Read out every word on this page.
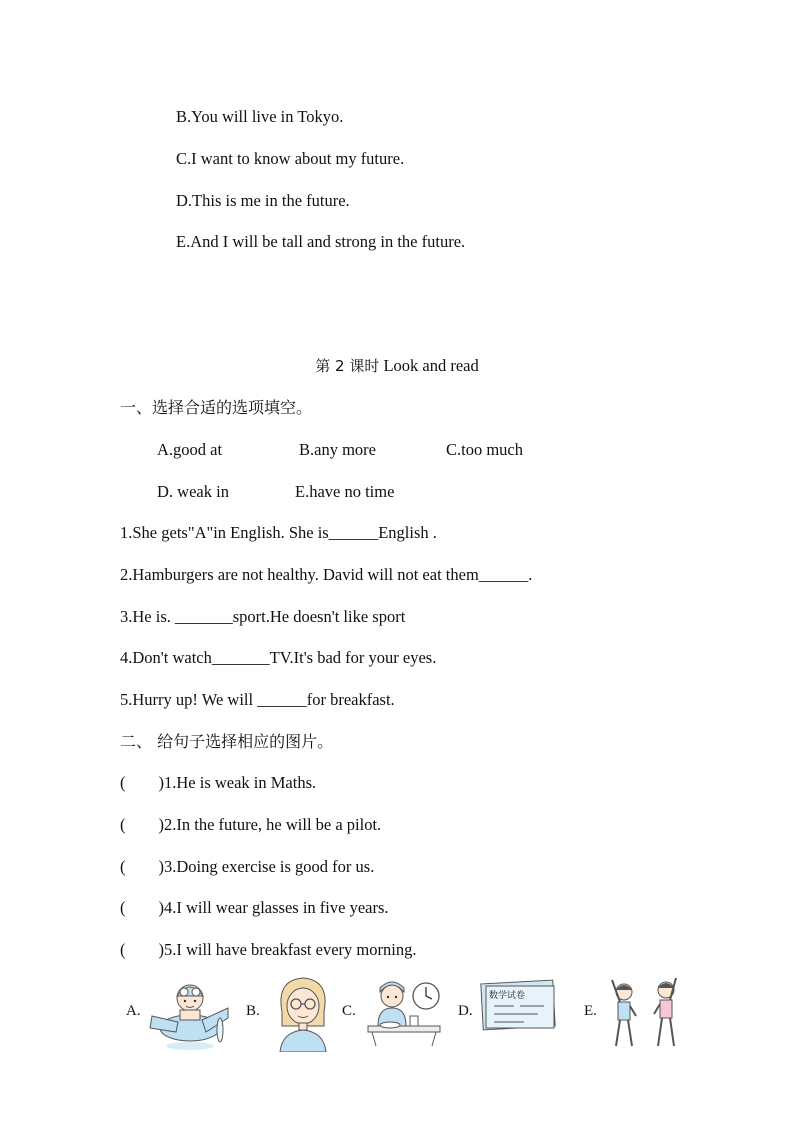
B.You will live in Tokyo.
C.I want to know about my future.
D.This is me in the future.
E.And I will be tall and strong in the future.
第 2 课时 Look and read
一、选择合适的选项填空。
A.good at	B.any more	C.too much
D. weak in	E.have no time
1.She gets"A"in English. She is______English .
2.Hamburgers are not healthy. David will not eat them______.
3.He is. _______sport.He doesn't like sport
4.Don't watch_______TV.It's bad for your eyes.
5.Hurry up! We will ______for breakfast.
二、 给句子选择相应的图片。
(        )1.He is weak in Maths.
(        )2.In the future, he will be a pilot.
(        )3.Doing exercise is good for us.
(        )4.I will wear glasses in five years.
(        )5.I will have breakfast every morning.
A.	B.	C.	D.
数学试卷
E.
